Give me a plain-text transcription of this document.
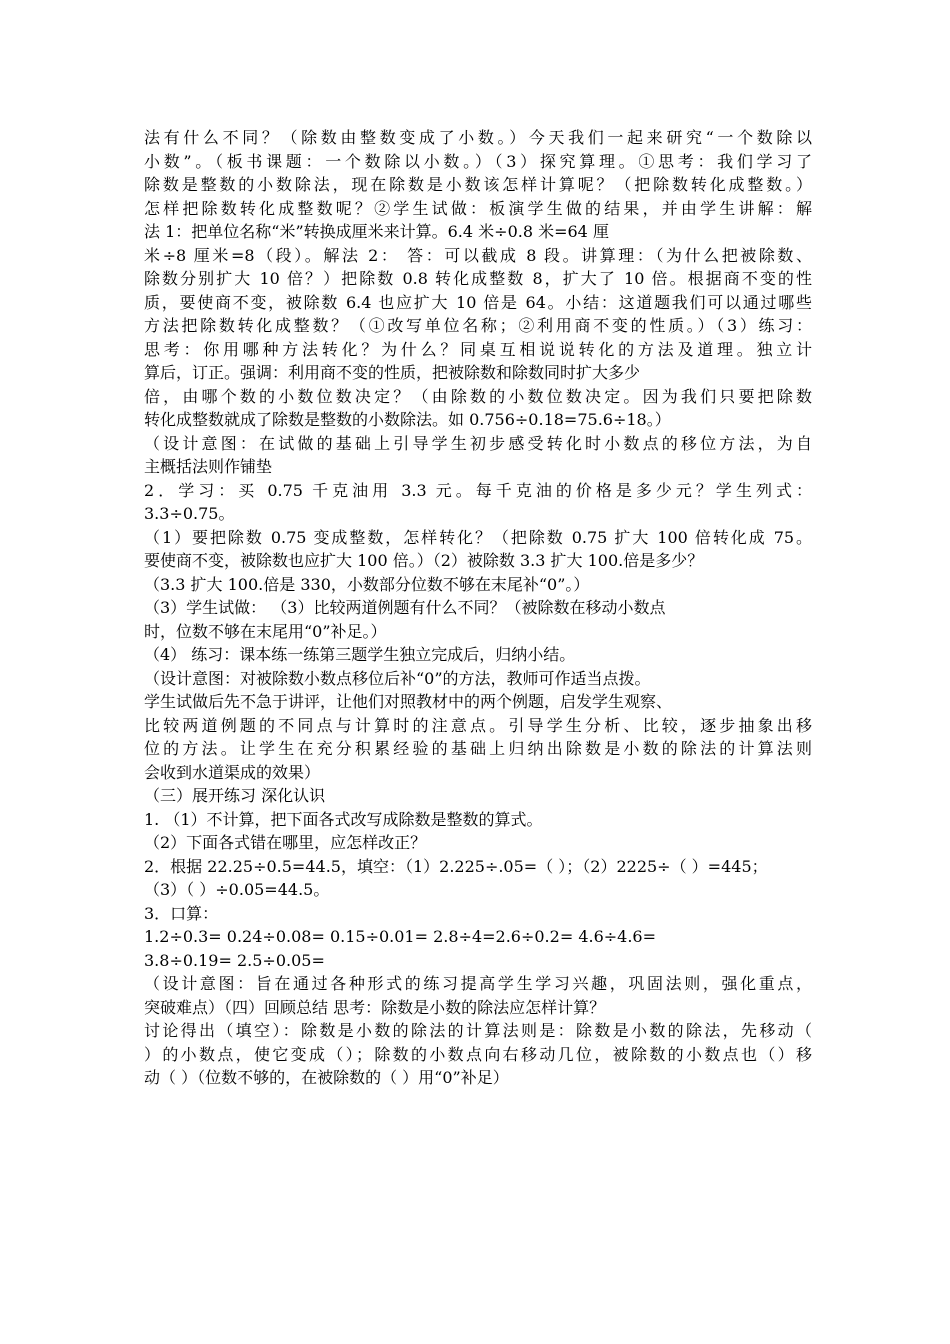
法有什么不同？（除数由整数变成了小数。）今天我们一起来研究“一个数除以
小数”。（板书课题：一个数除以小数。）（3）探究算理。①思考：我们学习了
除数是整数的小数除法，现在除数是小数该怎样计算呢？（把除数转化成整数。）
怎样把除数转化成整数呢？②学生试做：板演学生做的结果，并由学生讲解：解
法 1：把单位名称“米”转换成厘米来计算。6.4 米÷0.8 米=64 厘
米÷8 厘米=8（段）。解法 2： 答：可以截成 8 段。讲算理：（为什么把被除数、
除数分别扩大 10 倍？）把除数 0.8 转化成整数 8，扩大了 10 倍。根据商不变的性
质，要使商不变，被除数 6.4 也应扩大 10 倍是 64。小结：这道题我们可以通过哪些
方法把除数转化成整数？（①改写单位名称；②利用商不变的性质。）（3）练习：
思考：你用哪种方法转化？为什么？同桌互相说说转化的方法及道理。独立计
算后，订正。强调：利用商不变的性质，把被除数和除数同时扩大多少
倍，由哪个数的小数位数决定？（由除数的小数位数决定。因为我们只要把除数
转化成整数就成了除数是整数的小数除法。如 0.756÷0.18=75.6÷18。）
（设计意图：在试做的基础上引导学生初步感受转化时小数点的移位方法，为自
主概括法则作铺垫
2．学习：买 0.75 千克油用 3.3 元。每千克油的价格是多少元？学生列式：
3.3÷0.75。
（1）要把除数 0.75 变成整数，怎样转化？（把除数 0.75 扩大 100 倍转化成 75。
要使商不变，被除数也应扩大 100 倍。）（2）被除数 3.3 扩大 100.倍是多少？
（3.3 扩大 100.倍是 330，小数部分位数不够在末尾补“0”。）
（3）学生试做： （3）比较两道例题有什么不同？（被除数在移动小数点
时，位数不够在末尾用“0”补足。）
（4） 练习：课本练一练第三题学生独立完成后，归纳小结。
（设计意图：对被除数小数点移位后补“0”的方法，教师可作适当点拨。
学生试做后先不急于讲评，让他们对照教材中的两个例题，启发学生观察、
比较两道例题的不同点与计算时的注意点。引导学生分析、比较，逐步抽象出移
位的方法。让学生在充分积累经验的基础上归纳出除数是小数的除法的计算法则
会收到水道渠成的效果）
（三）展开练习 深化认识
1. （1）不计算，把下面各式改写成除数是整数的算式。
（2）下面各式错在哪里，应怎样改正？
2．根据 22.25÷0.5=44.5，填空：（1）2.225÷.05=（ ）；（2）2225÷（ ）=445；
（3）（ ）÷0.05=44.5。
3．口算：
1.2÷0.3= 0.24÷0.08= 0.15÷0.01= 2.8÷4=2.6÷0.2= 4.6÷4.6=
3.8÷0.19= 2.5÷0.05=
（设计意图：旨在通过各种形式的练习提高学生学习兴趣，巩固法则，强化重点，
突破难点）（四）回顾总结 思考：除数是小数的除法应怎样计算？
讨论得出（填空）：除数是小数的除法的计算法则是：除数是小数的除法，先移动（
）的小数点，使它变成（）；除数的小数点向右移动几位，被除数的小数点也（）移
动（ ）（位数不够的，在被除数的（ ）用“0”补足）
